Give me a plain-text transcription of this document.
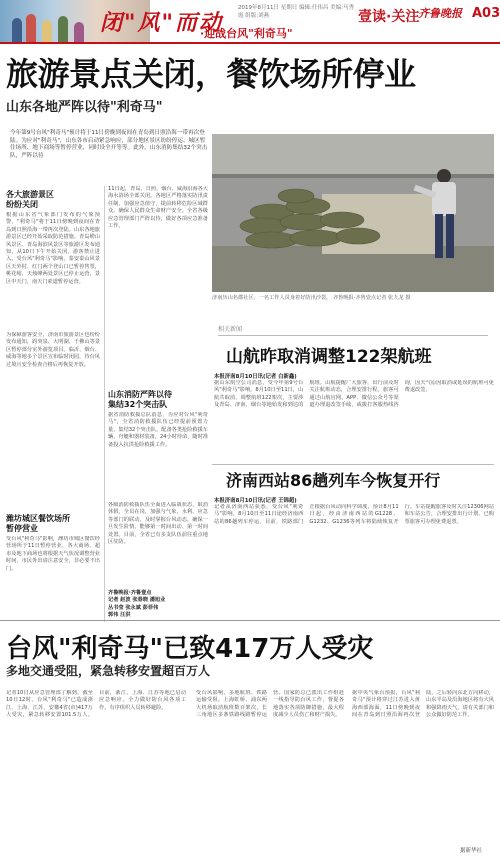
闭"风"而动
·迎战台风"利奇马"
2019年8月11日 星期日 编辑:任伟昌 美编:马秀霞 组版:刘燕	壹读·关注
齐鲁晚报 A03
旅游景点关闭，餐饮场所停业
山东各地严阵以待"利奇马"
今年第9号台风"利奇马"预计将于11日傍晚到夜间在青岛到日照沿海一带再次登陆。为应对"利奇马"，山东各市启动紧急响应，部分地区景区纷纷停运、城区暂住场所、地下商场等暂停营业，同时设全开等等。此外，山东消防集结32个突击队，严阵以待
各大旅游景区
纷纷关闭
根据山东省气象部门发布的气象预警，"利奇马"将于11日傍晚到夜间在青岛到日照沿海一带再次登陆。山东各地旅游景区已经开始采取防范措施。青岛崂山风景区、青岛海滨风景区等旅游区发布通知，从10日下午开始关闭，游客禁止进入。受台风"利奇马"影响，泰安泰山风景区天外村、红门两个登山口已暂停售票，桃花峪、天烛峰两处景区已停止运营，景区中天门、南天门索道暂停运营。
为保障游客安全，济南市旅游景区也纷纷发布通知，趵突泉、大明湖、千佛山等景区暂停部分室外游览项目。临沂、烟台、威海等地多个景区宣布临时闭园，待台风过境且安全检查合格后再恢复开放。
潍坊城区餐饮场所
暂停营业
受台风"利奇马"影响，潍坊市城区餐饮经营场所于11日暂停营业，各大商场、超市及地下商场也将根据天气状况调整营业时间，市民外出请注意安全，非必要不出门。
11日起，青岛、日照、烟台、威海沿海各大海水浴场全部关闭。各地区严格落实防汛责任制，加强应急值守，提前转移危险区域群众，确保人民群众生命财产安全。全省各级应急管理部门严阵以待，做好各项应急准备工作。
山东消防严阵以待
集结32个突击队
据省消防救援总队消息，为应对台风"利奇马"，全省消防救援队伍已经提前预置力量，集结32个突击队，配备各类抢险救援车辆、舟艇和器材装备，24小时待命，随时准备投入抗洪抢险救援工作。
各级消防救援队伍全面进入临战状态，取消休假，全员在岗，加强与气象、水利、应急等部门的联动，及时掌握台风动态，确保一旦发生险情，能够第一时间出动、第一时间处置。目前，全省已有多支队伍前往重点地区驻防。
齐鲁晚报·齐鲁壹点
记者 赵波 张春晓 潘旭业
丛书莹 张永斌 彭菲伟
郭伟 汪洪
济南历山名郡社区，一名工作人员身着好防汛沙袋。 齐鲁晚报·齐鲁壹点记者 张九龙 摄
相关新闻
山航昨取消调整122架航班
本报济南8月10日讯(记者 白新鑫)
据山东航空公司消息，受今年第9号台风"利奇马"影响，8月10日至11日，山航共取消、调整航班122架次，主要涉及青岛、济南、烟台等地始发和到达的航班。山航提醒广大旅客，出行前及时关注航班动态，合理安排行程。旅客可通过山航官网、APP、微信公众号等渠道办理退改签手续，或拨打客服热线咨询，因天气原因取消或延误的航班可免费退改签。
济南西站86趟列车今恢复开行
本报济南8月10日讯(记者 王锦超)
记者从济南西站获悉，受台风"利奇马"影响，8月10日至11日途经济南西站的86趟列车停运。目前，铁路部门正根据台风动向科学调度，预计8月11日起，经由济南西站的G1228、G1232、G1236等列车将陆续恢复开行。车站提醒旅客及时关注12306网站和车站公告，合理安排出行计划，已购票旅客可办理免费退票。
台风"利奇马"已致417万人受灾
多地交通受阻，紧急转移安置超百万人
记者10日从应急管理部了解到，截至10日12时，台风"利奇马"已造成浙江、上海、江苏、安徽4省(市)417万人受灾，紧急转移安置101.5万人。目前，浙江、上海、江苏等地已启动应急响应，全力做好防台风各项工作，有序组织人员转移避险。
受台风影响，多地航班、铁路运输受阻。上海虹桥、浦东两大机场取消航班数百架次，长三角地区多条铁路线路暂停运营。国家防总已派出工作组赴一线指导防台风工作，督促各地落实各项防御措施，最大程度减少人员伤亡和财产损失。
据中央气象台预报，台风"利奇马"预计将穿过江苏进入黄海西部海面，11日傍晚到夜间在青岛到日照沿海再次登陆，之后转向东北方向移动，山东半岛及沿海地区将有大风和强降雨天气，请有关部门和公众做好防范工作。
据新华社
